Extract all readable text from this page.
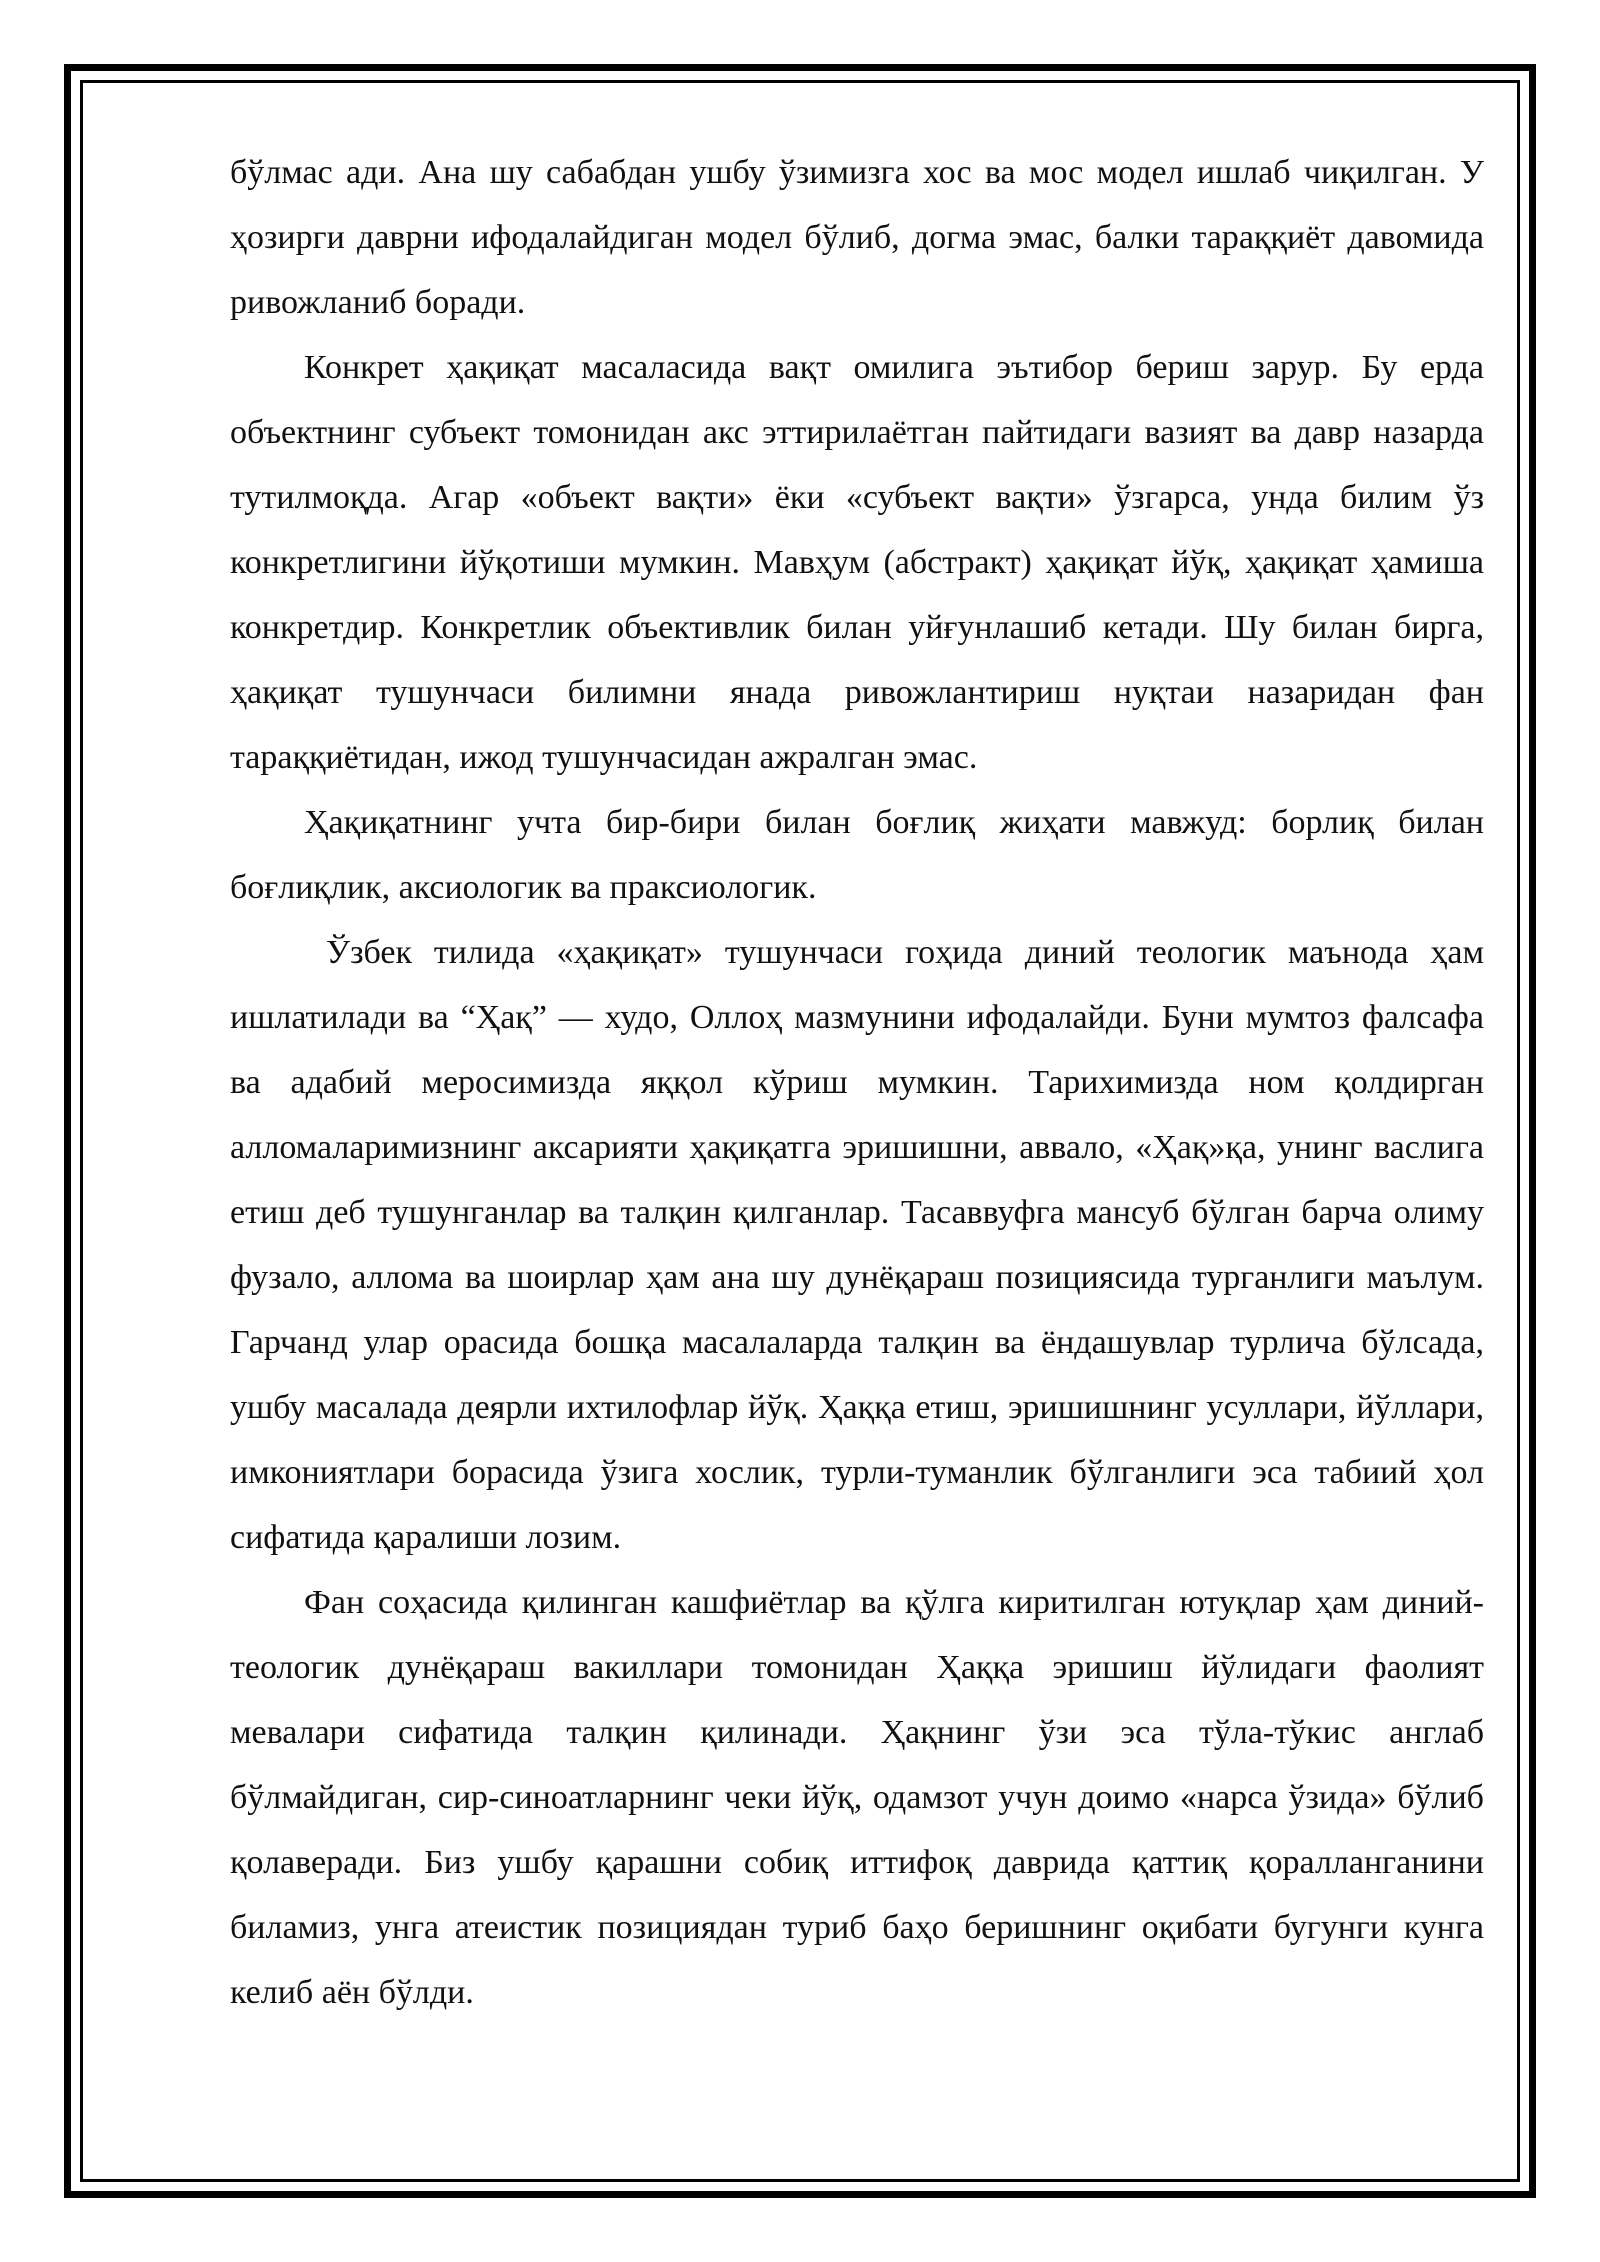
бўлмас ади. Ана шу сабабдан ушбу ўзимизга хос ва мос модел ишлаб чиқилган. У ҳозирги даврни ифодалайдиган модел бўлиб, догма эмас, балки тараққиёт давомида ривожланиб боради.

Конкрет ҳақиқат масаласида вақт омилига эътибор бериш зарур. Бу ерда объектнинг субъект томонидан акс эттирилаётган пайтидаги вазият ва давр назарда тутилмоқда. Агар «объект вақти» ёки «субъект вақти» ўзгарса, унда билим ўз конкретлигини йўқотиши мумкин. Мавҳум (абстракт) ҳақиқат йўқ, ҳақиқат ҳамиша конкретдир. Конкретлик объективлик билан уйғунлашиб кетади. Шу билан бирга, ҳақиқат тушунчаси билимни янада ривожлантириш нуқтаи назаридан фан тараққиётидан, ижод тушунчасидан ажралган эмас.

Ҳақиқатнинг учта бир-бири билан боғлиқ жиҳати мавжуд: борлиқ билан боғлиқлик, аксиологик ва праксиологик.

Ўзбек тилида «ҳақиқат» тушунчаси гоҳида диний теологик маънода ҳам ишлатилади ва “Ҳақ” — худо, Оллоҳ мазмунини ифодалайди. Буни мумтоз фалсафа ва адабий меросимизда яққол кўриш мумкин. Тарихимизда ном қолдирган алломаларимизнинг аксарияти ҳақиқатга эришишни, аввало, «Ҳақ»қа, унинг васлига етиш деб тушунганлар ва талқин қилганлар. Тасаввуфга мансуб бўлган барча олиму фузало, аллома ва шоирлар ҳам ана шу дунёқараш позициясида турганлиги маълум. Гарчанд улар орасида бошқа масалаларда талқин ва ёндашувлар турлича бўлсада, ушбу масалада деярли ихтилофлар йўқ. Ҳаққа етиш, эришишнинг усуллари, йўллари, имкониятлари борасида ўзига хослик, турли-туманлик бўлганлиги эса табиий ҳол сифатида қаралиши лозим.

Фан соҳасида қилинган кашфиётлар ва қўлга киритилган ютуқлар ҳам диний-теологик дунёқараш вакиллари томонидан Ҳаққа эришиш йўлидаги фаолият мевалари сифатида талқин қилинади. Ҳақнинг ўзи эса тўла-тўкис англаб бўлмайдиган, сир-синоатларнинг чеки йўқ, одамзот учун доимо «нарса ўзида» бўлиб қолаверади. Биз ушбу қарашни собиқ иттифоқ даврида қаттиқ қоралланганини биламиз, унга атеистик позициядан туриб баҳо беришнинг оқибати бугунги кунга келиб аён бўлди.
